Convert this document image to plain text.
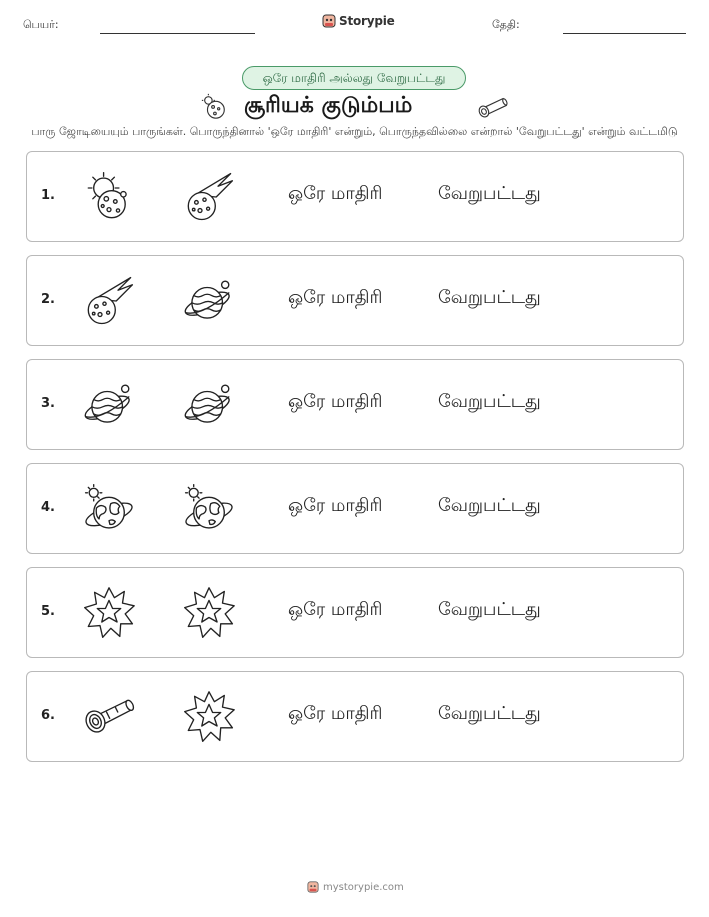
பெயர்:	Storypie	தேதி:
ஒரே மாதிரி அல்லது வேறுபட்டது
சூரியக் குடும்பம்
பாரு ஜோடியையும் பாருங்கள். பொருந்தினால் 'ஒரே மாதிரி' என்றும், பொருந்தவில்லை என்றால் 'வேறுபட்டது' என்றும் வட்டமிடு
1.	ஒரே மாதிரி	வேறுபட்டது
2.	ஒரே மாதிரி	வேறுபட்டது
3.	ஒரே மாதிரி	வேறுபட்டது
4.	ஒரே மாதிரி	வேறுபட்டது
5.	ஒரே மாதிரி	வேறுபட்டது
6.	ஒரே மாதிரி	வேறுபட்டது
mystorypie.com
